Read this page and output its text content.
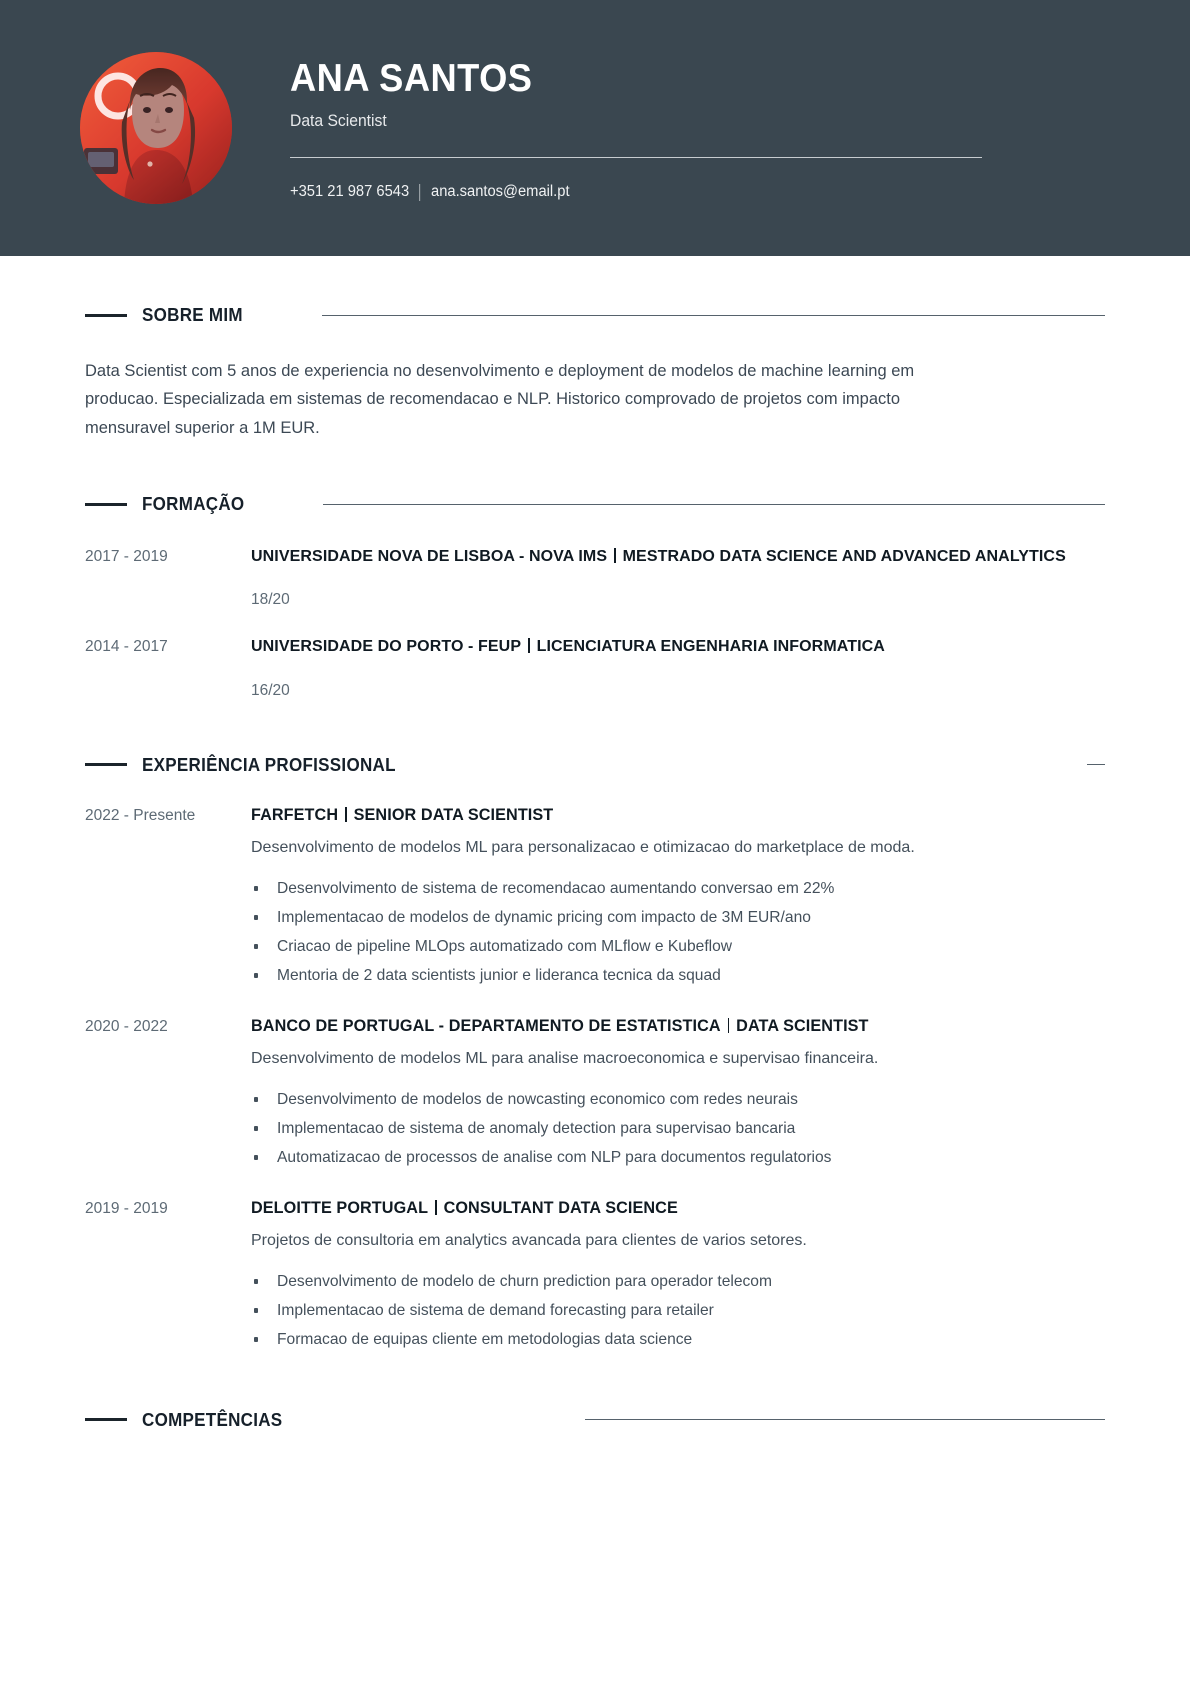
ANA SANTOS
Data Scientist
+351 21 987 6543 ana.santos@email.pt
SOBRE MIM
Data Scientist com 5 anos de experiencia no desenvolvimento e deployment de modelos de machine learning em producao. Especializada em sistemas de recomendacao e NLP. Historico comprovado de projetos com impacto mensuravel superior a 1M EUR.
FORMAÇÃO
2017 - 2019	UNIVERSIDADE NOVA DE LISBOA - NOVA IMS MESTRADO DATA SCIENCE AND ADVANCED ANALYTICS
18/20
2014 - 2017	UNIVERSIDADE DO PORTO - FEUP LICENCIATURA ENGENHARIA INFORMATICA
16/20
EXPERIÊNCIA PROFISSIONAL
2022 - Presente	FARFETCH SENIOR DATA SCIENTIST
Desenvolvimento de modelos ML para personalizacao e otimizacao do marketplace de moda.
Desenvolvimento de sistema de recomendacao aumentando conversao em 22%
Implementacao de modelos de dynamic pricing com impacto de 3M EUR/ano
Criacao de pipeline MLOps automatizado com MLflow e Kubeflow
Mentoria de 2 data scientists junior e lideranca tecnica da squad
2020 - 2022	BANCO DE PORTUGAL - DEPARTAMENTO DE ESTATISTICA DATA SCIENTIST
Desenvolvimento de modelos ML para analise macroeconomica e supervisao financeira.
Desenvolvimento de modelos de nowcasting economico com redes neurais
Implementacao de sistema de anomaly detection para supervisao bancaria
Automatizacao de processos de analise com NLP para documentos regulatorios
2019 - 2019	DELOITTE PORTUGAL CONSULTANT DATA SCIENCE
Projetos de consultoria em analytics avancada para clientes de varios setores.
Desenvolvimento de modelo de churn prediction para operador telecom
Implementacao de sistema de demand forecasting para retailer
Formacao de equipas cliente em metodologias data science
COMPETÊNCIAS
